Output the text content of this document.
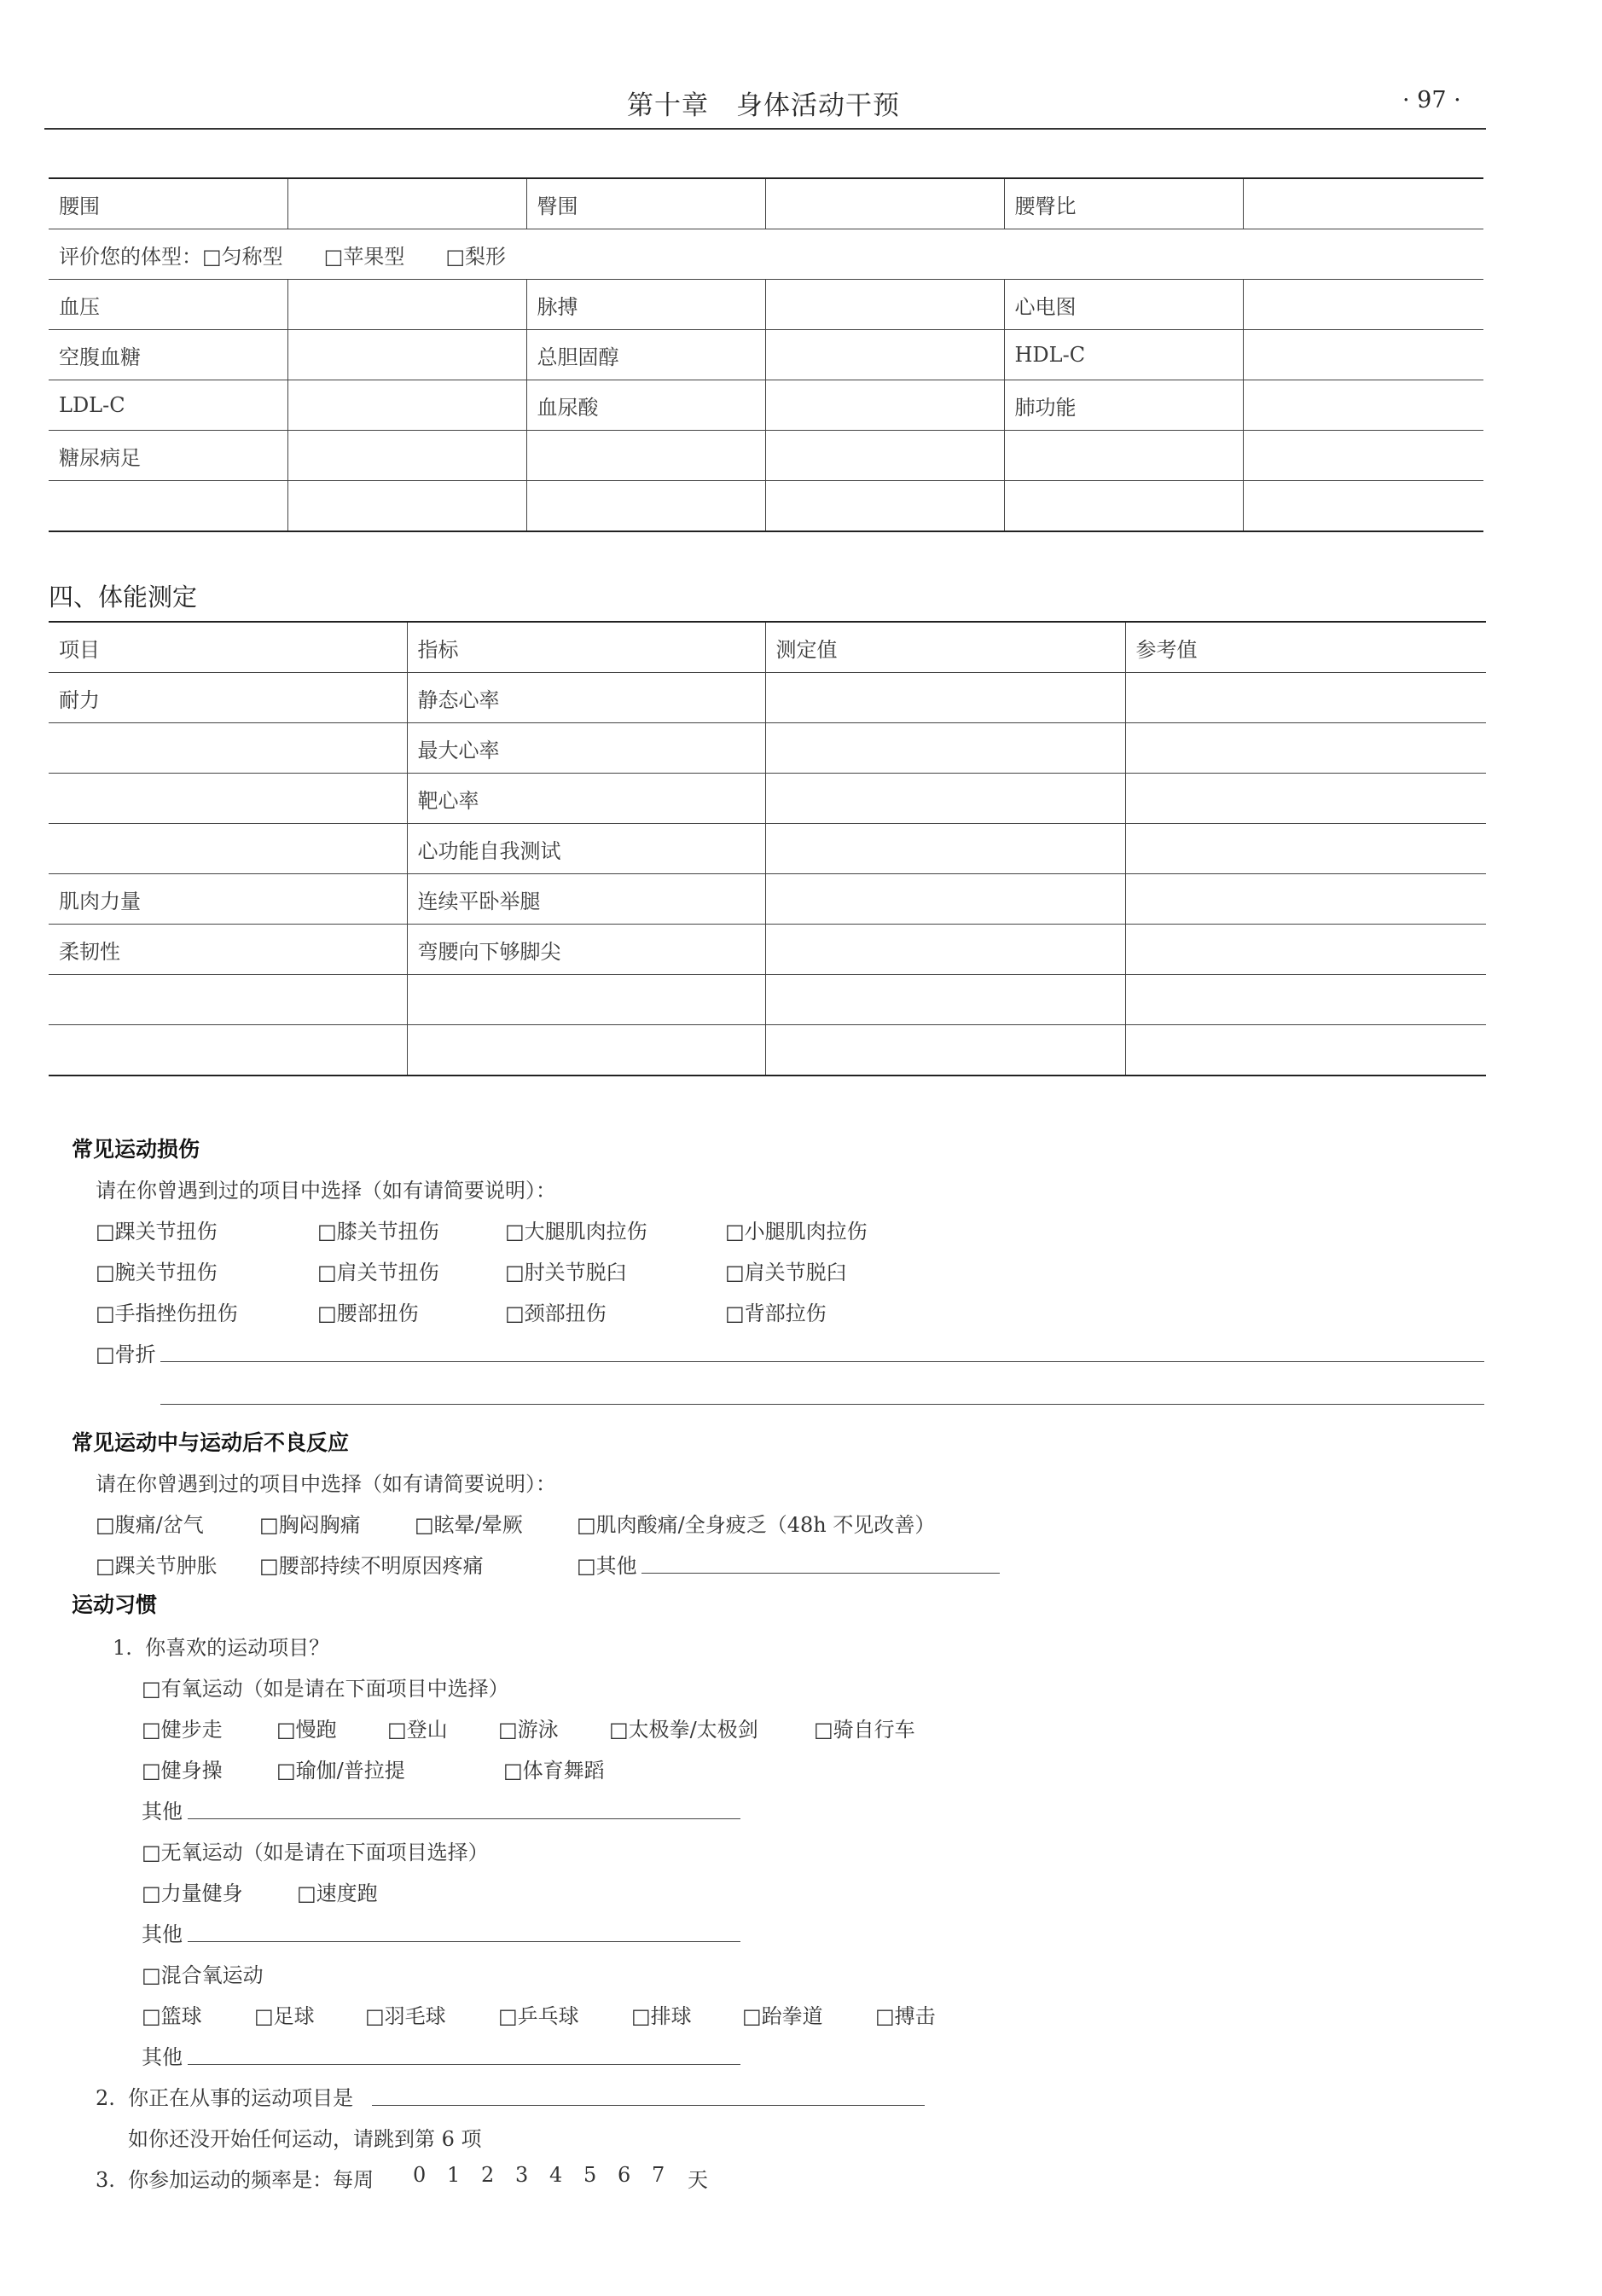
第十章　身体活动干预	· 97 ·
腰围		臀围		腰臀比	
评价您的体型：□匀称型　　□苹果型　　□梨形					
血压		脉搏		心电图	
空腹血糖		总胆固醇		HDL-C	
LDL-C		血尿酸		肺功能	
糖尿病足					

四、体能测定
项目	指标	测定值	参考值
耐力	静态心率		
	最大心率		
	靶心率		
	心功能自我测试		
肌肉力量	连续平卧举腿		
柔韧性	弯腰向下够脚尖		

常见运动损伤
请在你曾遇到过的项目中选择（如有请简要说明）：
□踝关节扭伤	□膝关节扭伤	□大腿肌肉拉伤	□小腿肌肉拉伤
□腕关节扭伤	□肩关节扭伤	□肘关节脱臼	□肩关节脱臼
□手指挫伤扭伤	□腰部扭伤	□颈部扭伤	□背部拉伤
□骨折
常见运动中与运动后不良反应
请在你曾遇到过的项目中选择（如有请简要说明）：
□腹痛/岔气	□胸闷胸痛	□眩晕/晕厥	□肌肉酸痛/全身疲乏（48h 不见改善）
□踝关节肿胀 □腰部持续不明原因疼痛	□其他
运动习惯
1.  你喜欢的运动项目？
□有氧运动（如是请在下面项目中选择）
□健步走	□慢跑 □登山 □游泳 □太极拳/太极剑	□骑自行车
□健身操	□瑜伽/普拉提	□体育舞蹈
其他
□无氧运动（如是请在下面项目选择）
□力量健身	□速度跑
其他
□混合氧运动
□篮球	□足球 □羽毛球	□乒乓球	□排球 □跆拳道	□搏击
其他
2.  你正在从事的运动项目是
如你还没开始任何运动，请跳到第 6 项
3.  你参加运动的频率是：每周 0 1 2 3 4 5 6 7 天
